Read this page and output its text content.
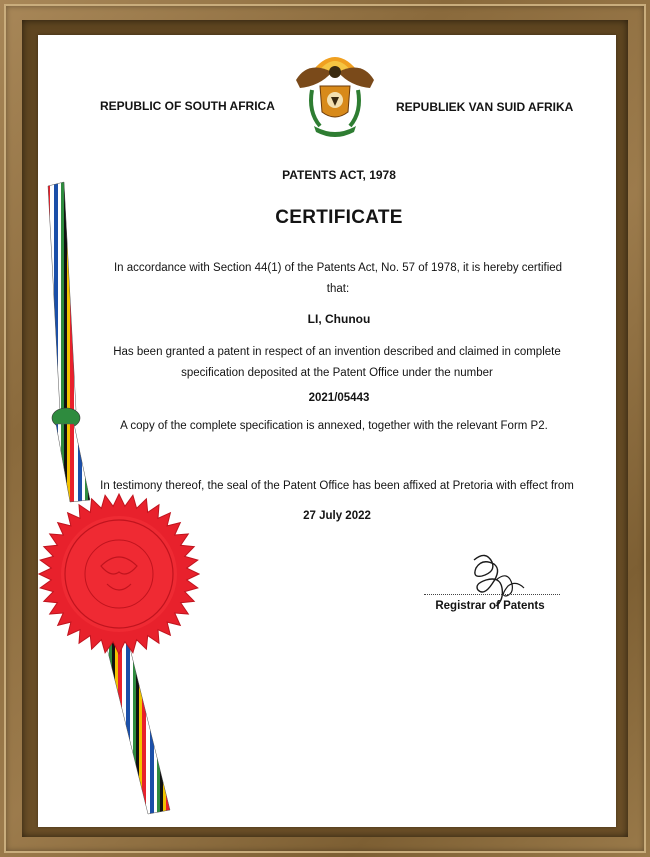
REPUBLIC OF SOUTH AFRICA	REPUBLIEK VAN SUID AFRIKA
PATENTS ACT, 1978
CERTIFICATE
In accordance with Section 44(1) of the Patents Act, No. 57 of 1978, it is hereby certified that:
LI, Chunou
Has been granted a patent in respect of an invention described and claimed in complete specification deposited at the Patent Office under the number
2021/05443
A copy of the complete specification is annexed, together with the relevant Form P2.
In testimony thereof, the seal of the Patent Office has been affixed at Pretoria with effect from 27 July 2022
Registrar of Patents
